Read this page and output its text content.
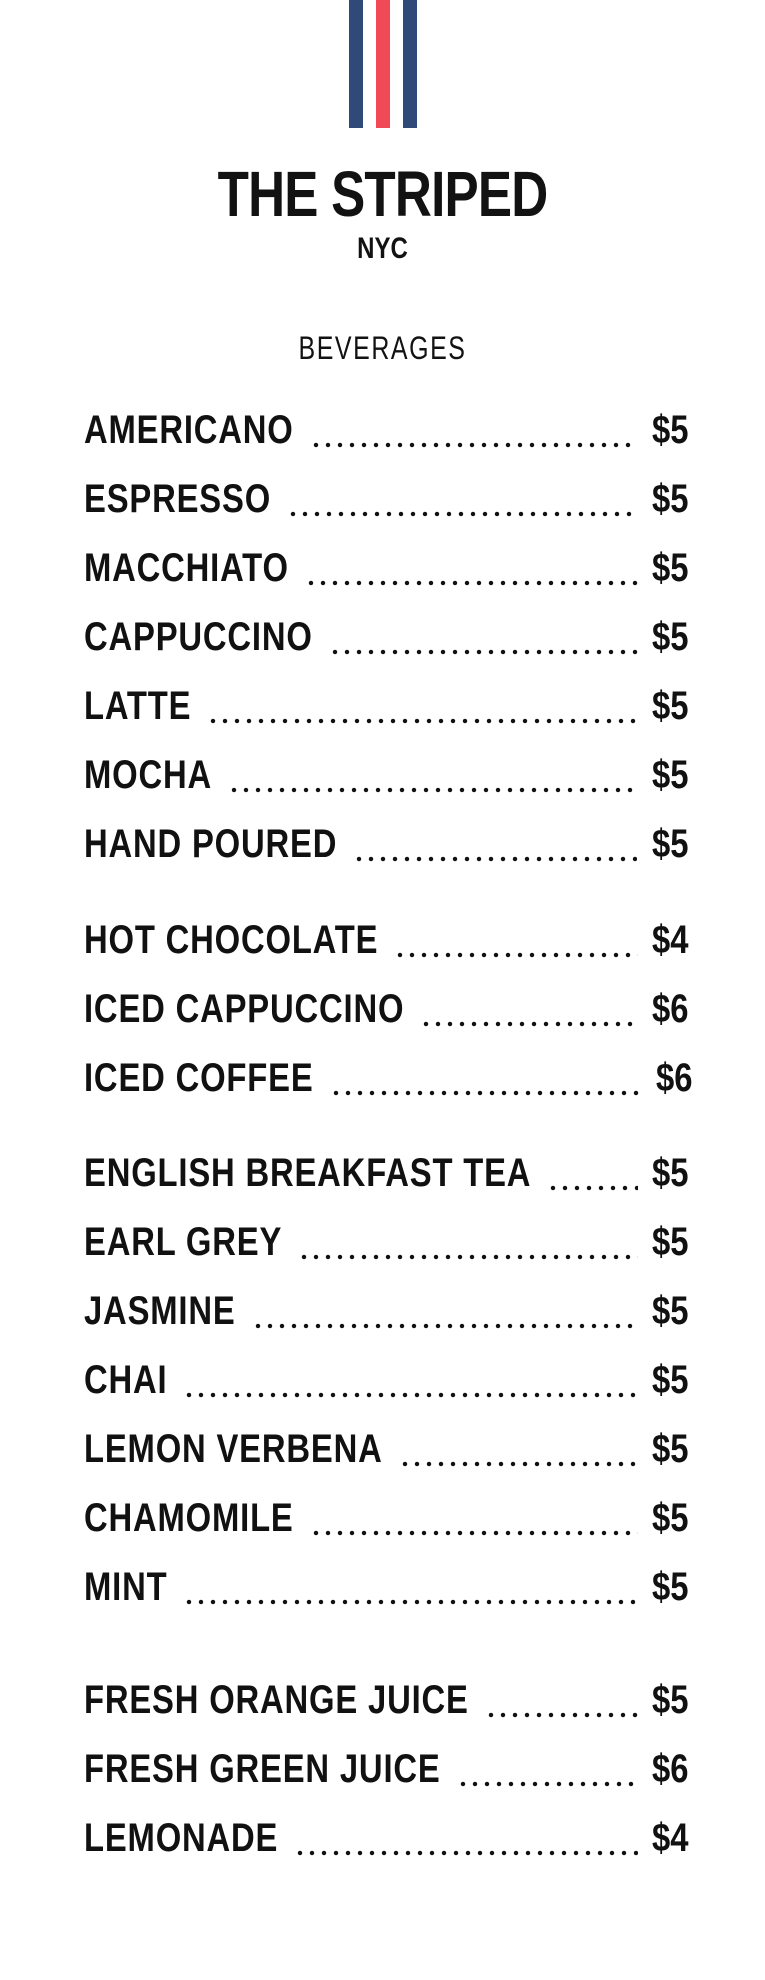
THE STRIPED
NYC
BEVERAGES
AMERICANO	$5
ESPRESSO	$5
MACCHIATO	$5
CAPPUCCINO	$5
LATTE	$5
MOCHA	$5
HAND POURED	$5
HOT CHOCOLATE	$4
ICED CAPPUCCINO	$6
ICED COFFEE	$6
ENGLISH BREAKFAST TEA	$5
EARL GREY	$5
JASMINE	$5
CHAI	$5
LEMON VERBENA	$5
CHAMOMILE	$5
MINT	$5
FRESH ORANGE JUICE	$5
FRESH GREEN JUICE	$6
LEMONADE	$4
